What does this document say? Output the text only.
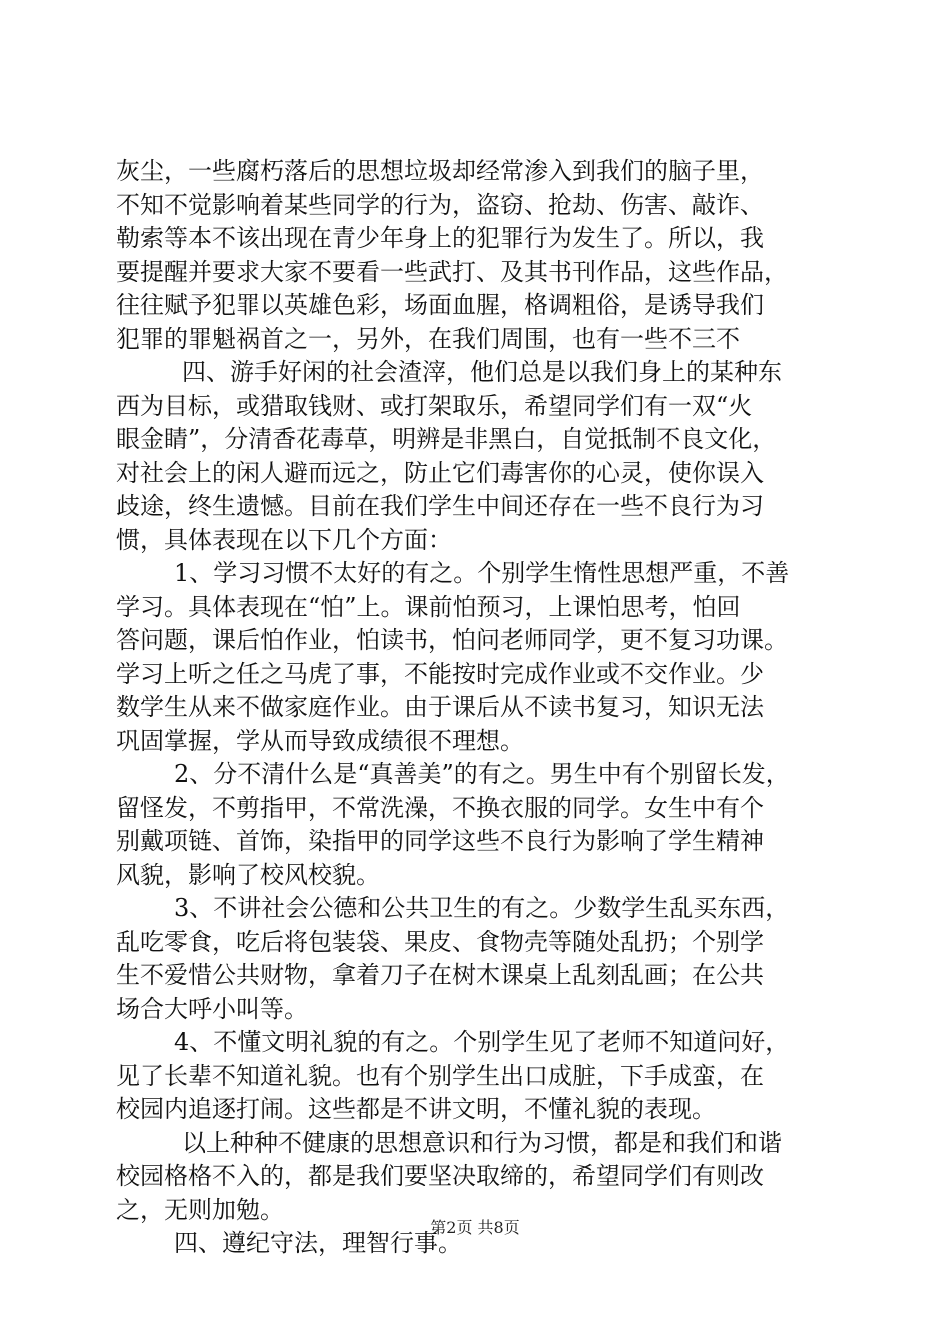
灰尘，一些腐朽落后的思想垃圾却经常渗入到我们的脑子里，
不知不觉影响着某些同学的行为，盗窃、抢劫、伤害、敲诈、
勒索等本不该出现在青少年身上的犯罪行为发生了。所以，我
要提醒并要求大家不要看一些武打、及其书刊作品，这些作品，
往往赋予犯罪以英雄色彩，场面血腥，格调粗俗，是诱导我们
犯罪的罪魁祸首之一，另外，在我们周围，也有一些不三不
四、游手好闲的社会渣滓，他们总是以我们身上的某种东
西为目标，或猎取钱财、或打架取乐，希望同学们有一双“火
眼金睛”，分清香花毒草，明辨是非黑白，自觉抵制不良文化，
对社会上的闲人避而远之，防止它们毒害你的心灵，使你误入
歧途，终生遗憾。目前在我们学生中间还存在一些不良行为习
惯，具体表现在以下几个方面：
1、学习习惯不太好的有之。个别学生惰性思想严重，不善
学习。具体表现在“怕”上。课前怕预习，上课怕思考，怕回
答问题，课后怕作业，怕读书，怕问老师同学，更不复习功课。
学习上听之任之马虎了事，不能按时完成作业或不交作业。少
数学生从来不做家庭作业。由于课后从不读书复习，知识无法
巩固掌握，学从而导致成绩很不理想。
2、分不清什么是“真善美”的有之。男生中有个别留长发，
留怪发，不剪指甲，不常洗澡，不换衣服的同学。女生中有个
别戴项链、首饰，染指甲的同学这些不良行为影响了学生精神
风貌，影响了校风校貌。
3、不讲社会公德和公共卫生的有之。少数学生乱买东西，
乱吃零食，吃后将包装袋、果皮、食物壳等随处乱扔；个别学
生不爱惜公共财物，拿着刀子在树木课桌上乱刻乱画；在公共
场合大呼小叫等。
4、不懂文明礼貌的有之。个别学生见了老师不知道问好，
见了长辈不知道礼貌。也有个别学生出口成脏，下手成蛮，在
校园内追逐打闹。这些都是不讲文明，不懂礼貌的表现。
以上种种不健康的思想意识和行为习惯，都是和我们和谐
校园格格不入的，都是我们要坚决取缔的，希望同学们有则改
之，无则加勉。
四、遵纪守法，理智行事。
第2页 共8页
